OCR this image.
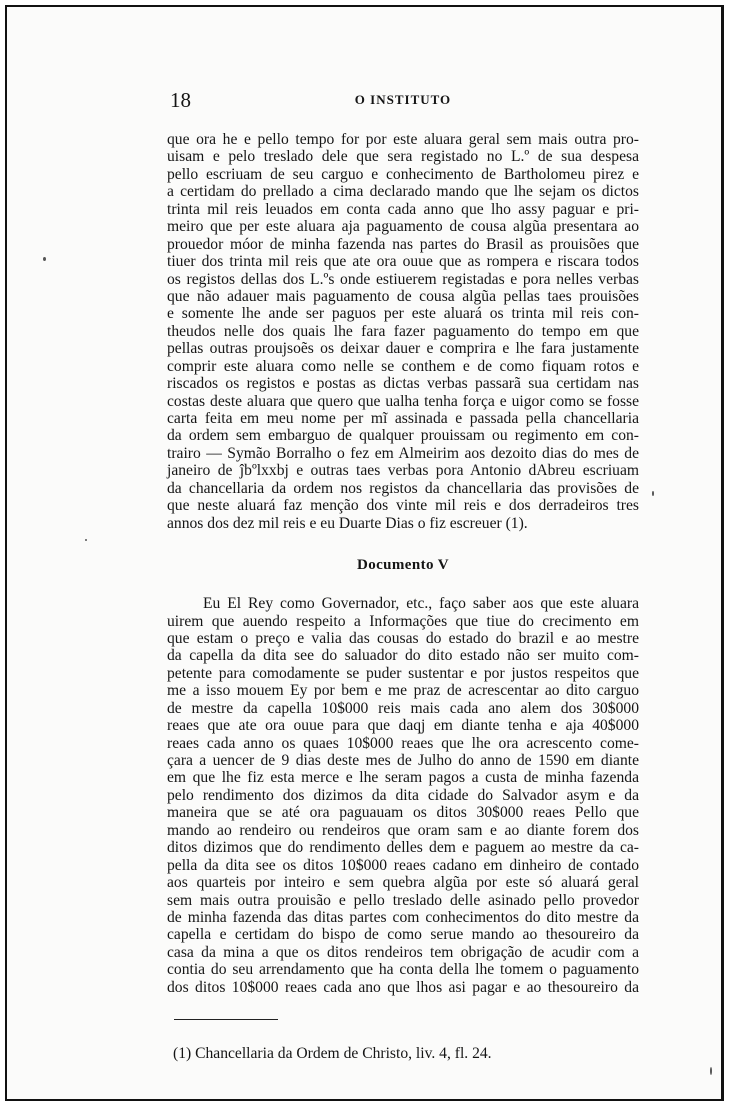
18	O INSTITUTO
que ora he e pello tempo for por este aluara geral sem mais outra pro-
uisam e pelo treslado dele que sera registado no L.º de sua despesa
pello escriuam de seu carguo e conhecimento de Bartholomeu pirez e
a certidam do prellado a cima declarado mando que lhe sejam os dictos
trinta mil reis leuados em conta cada anno que lho assy paguar e pri-
meiro que per este aluara aja paguamento de cousa algũa presentara ao
prouedor móor de minha fazenda nas partes do Brasil as prouisões que
tiuer dos trinta mil reis que ate ora ouue que as rompera e riscara todos
os registos dellas dos L.ºs onde estiuerem registadas e pora nelles verbas
que não adauer mais paguamento de cousa algũa pellas taes prouisões
e somente lhe ande ser paguos per este aluará os trinta mil reis con-
theudos nelle dos quais lhe fara fazer paguamento do tempo em que
pellas outras proujsoẽs os deixar dauer e comprira e lhe fara justamente
comprir este aluara como nelle se conthem e de como fiquam rotos e
riscados os registos e postas as dictas verbas passarã sua certidam nas
costas deste aluara que quero que ualha tenha força e uigor como se fosse
carta feita em meu nome per mĩ assinada e passada pella chancellaria
da ordem sem embarguo de qualquer prouissam ou regimento em con-
trairo — Symão Borralho o fez em Almeirim aos dezoito dias do mes de
janeiro de ĵbºlxxbj e outras taes verbas pora Antonio dAbreu escriuam
da chancellaria da ordem nos registos da chancellaria das provisões de
que neste aluará faz menção dos vinte mil reis e dos derradeiros tres
annos dos dez mil reis e eu Duarte Dias o fiz escreuer (1).
Documento V
Eu El Rey como Governador, etc., faço saber aos que este aluara
uirem que auendo respeito a Informações que tiue do crecimento em
que estam o preço e valia das cousas do estado do brazil e ao mestre
da capella da dita see do saluador do dito estado não ser muito com-
petente para comodamente se puder sustentar e por justos respeitos que
me a isso mouem Ey por bem e me praz de acrescentar ao dito carguo
de mestre da capella 10$000 reis mais cada ano alem dos 30$000
reaes que ate ora ouue para que daqj em diante tenha e aja 40$000
reaes cada anno os quaes 10$000 reaes que lhe ora acrescento come-
çara a uencer de 9 dias deste mes de Julho do anno de 1590 em diante
em que lhe fiz esta merce e lhe seram pagos a custa de minha fazenda
pelo rendimento dos dizimos da dita cidade do Salvador asym e da
maneira que se até ora paguauam os ditos 30$000 reaes Pello que
mando ao rendeiro ou rendeiros que oram sam e ao diante forem dos
ditos dizimos que do rendimento delles dem e paguem ao mestre da ca-
pella da dita see os ditos 10$000 reaes cadano em dinheiro de contado
aos quarteis por inteiro e sem quebra algũa por este só aluará geral
sem mais outra prouisão e pello treslado delle asinado pello provedor
de minha fazenda das ditas partes com conhecimentos do dito mestre da
capella e certidam do bispo de como serue mando ao thesoureiro da
casa da mina a que os ditos rendeiros tem obrigação de acudir com a
contia do seu arrendamento que ha conta della lhe tomem o paguamento
dos ditos 10$000 reaes cada ano que lhos asi pagar e ao thesoureiro da
(1) Chancellaria da Ordem de Christo, liv. 4, fl. 24.
